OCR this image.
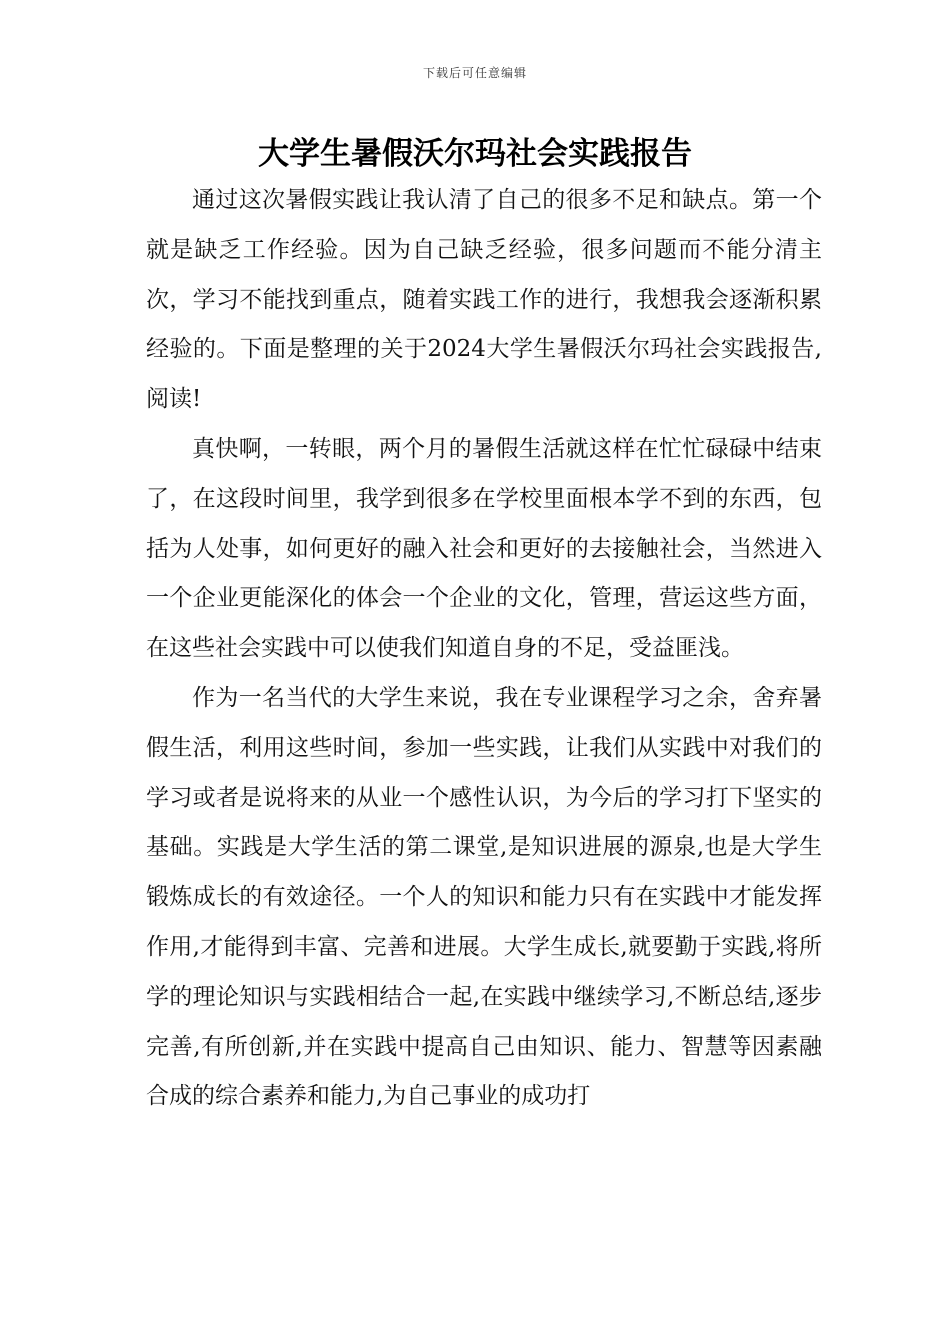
下载后可任意编辑
大学生暑假沃尔玛社会实践报告

通过这次暑假实践让我认清了自己的很多不足和缺点。第一个就是缺乏工作经验。因为自己缺乏经验，很多问题而不能分清主次，学习不能找到重点，随着实践工作的进行，我想我会逐渐积累经验的。下面是整理的关于2024大学生暑假沃尔玛社会实践报告,阅读!

真快啊，一转眼，两个月的暑假生活就这样在忙忙碌碌中结束了，在这段时间里，我学到很多在学校里面根本学不到的东西，包括为人处事，如何更好的融入社会和更好的去接触社会，当然进入一个企业更能深化的体会一个企业的文化，管理，营运这些方面，在这些社会实践中可以使我们知道自身的不足，受益匪浅。

作为一名当代的大学生来说，我在专业课程学习之余，舍弃暑假生活，利用这些时间，参加一些实践，让我们从实践中对我们的学习或者是说将来的从业一个感性认识，为今后的学习打下坚实的基础。实践是大学生活的第二课堂,是知识进展的源泉,也是大学生锻炼成长的有效途径。一个人的知识和能力只有在实践中才能发挥作用,才能得到丰富、完善和进展。大学生成长,就要勤于实践,将所学的理论知识与实践相结合一起,在实践中继续学习,不断总结,逐步完善,有所创新,并在实践中提高自己由知识、能力、智慧等因素融合成的综合素养和能力,为自己事业的成功打
